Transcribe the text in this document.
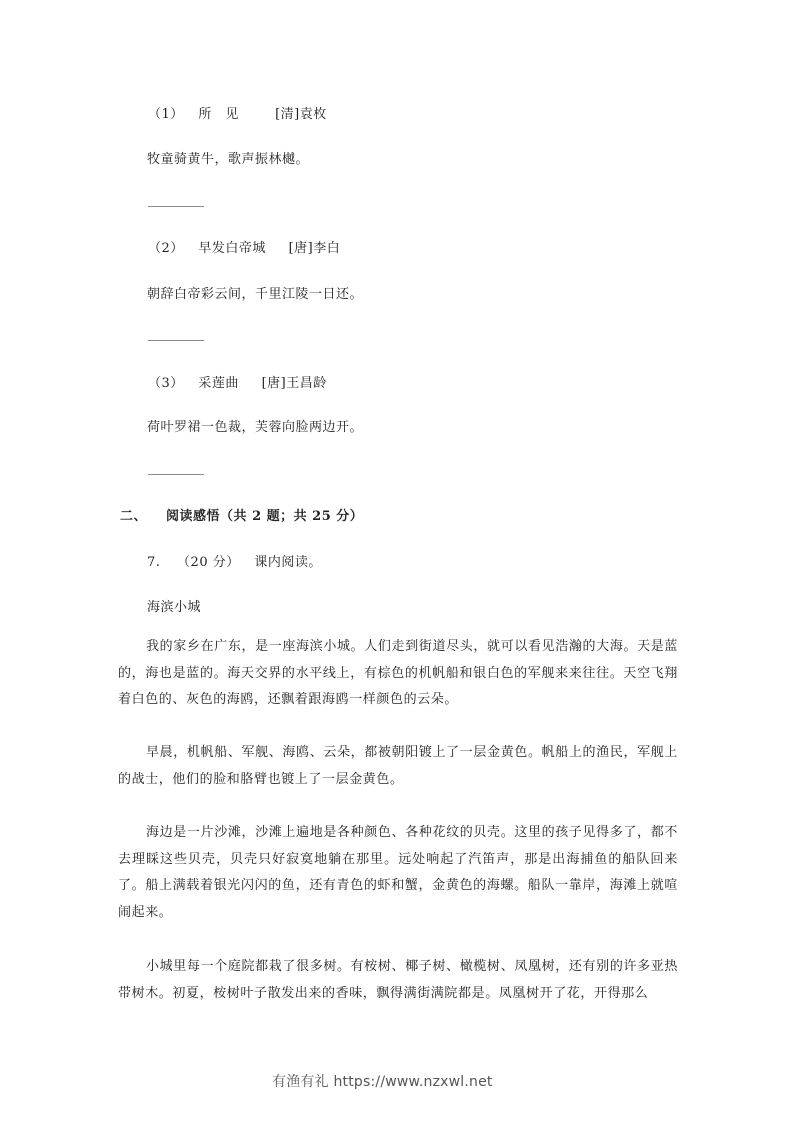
（1） 所见 [清]袁枚
牧童骑黄牛，歌声振林樾。
（2） 早发白帝城 [唐]李白
朝辞白帝彩云间，千里江陵一日还。
（3） 采莲曲 [唐]王昌龄
荷叶罗裙一色裁，芙蓉向脸两边开。
二、 阅读感悟（共 2 题；共 25 分）
7. （20 分） 课内阅读。
海滨小城
我的家乡在广东，是一座海滨小城。人们走到街道尽头，就可以看见浩瀚的大海。天是蓝的，海也是蓝的。海天交界的水平线上，有棕色的机帆船和银白色的军舰来来往往。天空飞翔着白色的、灰色的海鸥，还飘着跟海鸥一样颜色的云朵。
早晨，机帆船、军舰、海鸥、云朵，都被朝阳镀上了一层金黄色。帆船上的渔民，军舰上的战士，他们的脸和胳臂也镀上了一层金黄色。
海边是一片沙滩，沙滩上遍地是各种颜色、各种花纹的贝壳。这里的孩子见得多了，都不去理睬这些贝壳，贝壳只好寂寞地躺在那里。远处响起了汽笛声，那是出海捕鱼的船队回来了。船上满载着银光闪闪的鱼，还有青色的虾和蟹，金黄色的海螺。船队一靠岸，海滩上就喧闹起来。
小城里每一个庭院都栽了很多树。有桉树、椰子树、橄榄树、凤凰树，还有别的许多亚热带树木。初夏，桉树叶子散发出来的香味，飘得满街满院都是。凤凰树开了花，开得那么
有渔有礼 https://www.nzxwl.net
